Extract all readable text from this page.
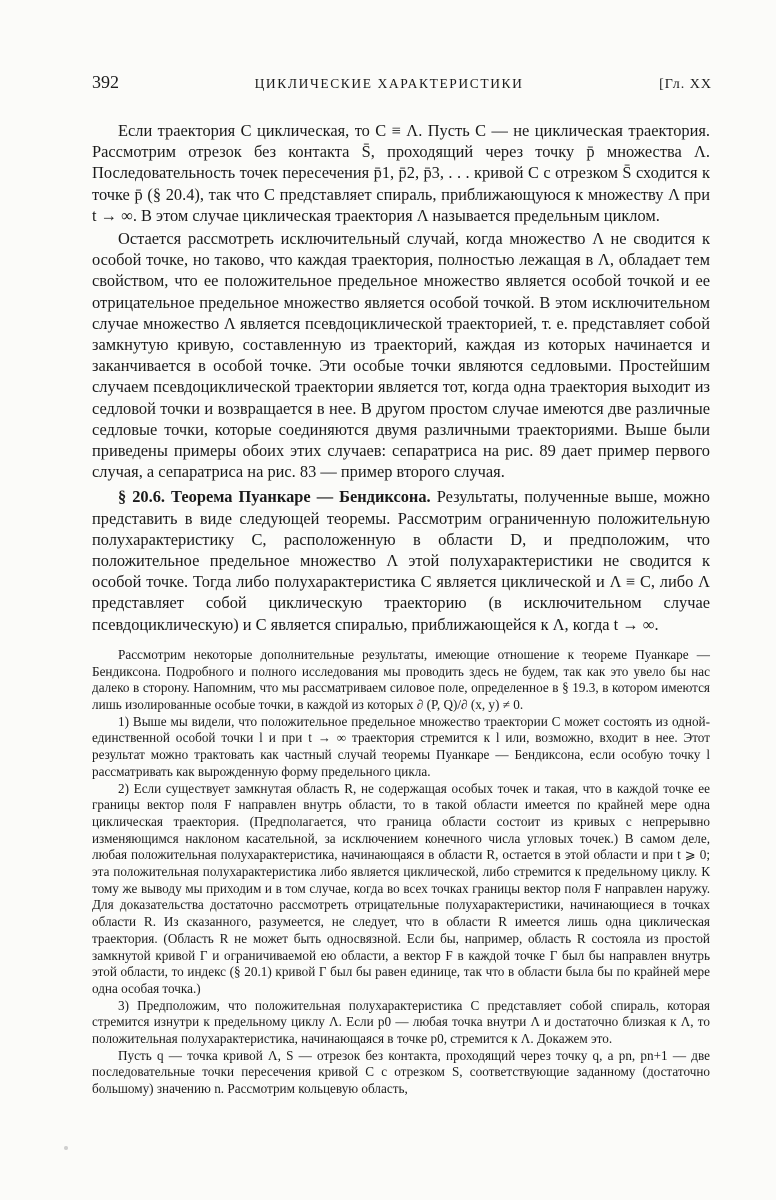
392	ЦИКЛИЧЕСКИЕ ХАРАКТЕРИСТИКИ	[Гл. XX

Если траектория C циклическая, то C ≡ Λ. Пусть C — не циклическая траектория. Рассмотрим отрезок без контакта S̄, проходящий через точку p̄ множества Λ. Последовательность точек пересечения p̄1, p̄2, p̄3, . . . кривой C с отрезком S̄ сходится к точке p̄ (§ 20.4), так что C представляет спираль, приближающуюся к множеству Λ при t → ∞. В этом случае циклическая траектория Λ называется предельным циклом.

Остается рассмотреть исключительный случай, когда множество Λ не сводится к особой точке, но таково, что каждая траектория, полностью лежащая в Λ, обладает тем свойством, что ее положительное предельное множество является особой точкой и ее отрицательное предельное множество является особой точкой. В этом исключительном случае множество Λ является псевдоциклической траекторией, т. е. представляет собой замкнутую кривую, составленную из траекторий, каждая из которых начинается и заканчивается в особой точке. Эти особые точки являются седловыми. Простейшим случаем псевдоциклической траектории является тот, когда одна траектория выходит из седловой точки и возвращается в нее. В другом простом случае имеются две различные седловые точки, которые соединяются двумя различными траекториями. Выше были приведены примеры обоих этих случаев: сепаратриса на рис. 89 дает пример первого случая, а сепаратриса на рис. 83 — пример второго случая.

§ 20.6. Теорема Пуанкаре — Бендиксона. Результаты, полученные выше, можно представить в виде следующей теоремы. Рассмотрим ограниченную положительную полухарактеристику C, расположенную в области D, и предположим, что положительное предельное множество Λ этой полухарактеристики не сводится к особой точке. Тогда либо полухарактеристика C является циклической и Λ ≡ C, либо Λ представляет собой циклическую траекторию (в исключительном случае псевдоциклическую) и C является спиралью, приближающейся к Λ, когда t → ∞.

Рассмотрим некоторые дополнительные результаты, имеющие отношение к теореме Пуанкаре — Бендиксона. Подробного и полного исследования мы проводить здесь не будем, так как это увело бы нас далеко в сторону. Напомним, что мы рассматриваем силовое поле, определенное в § 19.3, в котором имеются лишь изолированные особые точки, в каждой из которых ∂ (P, Q)/∂ (x, y) ≠ 0.

1) Выше мы видели, что положительное предельное множество траектории C может состоять из одной-единственной особой точки l и при t → ∞ траектория стремится к l или, возможно, входит в нее. Этот результат можно трактовать как частный случай теоремы Пуанкаре — Бендиксона, если особую точку l рассматривать как вырожденную форму предельного цикла.

2) Если существует замкнутая область R, не содержащая особых точек и такая, что в каждой точке ее границы вектор поля F направлен внутрь области, то в такой области имеется по крайней мере одна циклическая траектория. (Предполагается, что граница области состоит из кривых с непрерывно изменяющимся наклоном касательной, за исключением конечного числа угловых точек.) В самом деле, любая положительная полухарактеристика, начинающаяся в области R, остается в этой области и при t ⩾ 0; эта положительная полухарактеристика либо является циклической, либо стремится к предельному циклу. К тому же выводу мы приходим и в том случае, когда во всех точках границы вектор поля F направлен наружу. Для доказательства достаточно рассмотреть отрицательные полухарактеристики, начинающиеся в точках области R. Из сказанного, разумеется, не следует, что в области R имеется лишь одна циклическая траектория. (Область R не может быть односвязной. Если бы, например, область R состояла из простой замкнутой кривой Γ и ограничиваемой ею области, а вектор F в каждой точке Γ был бы направлен внутрь этой области, то индекс (§ 20.1) кривой Γ был бы равен единице, так что в области была бы по крайней мере одна особая точка.)

3) Предположим, что положительная полухарактеристика C представляет собой спираль, которая стремится изнутри к предельному циклу Λ. Если p0 — любая точка внутри Λ и достаточно близкая к Λ, то положительная полухарактеристика, начинающаяся в точке p0, стремится к Λ. Докажем это.

Пусть q — точка кривой Λ, S — отрезок без контакта, проходящий через точку q, а pn, pn+1 — две последовательные точки пересечения кривой C с отрезком S, соответствующие заданному (достаточно большому) значению n. Рассмотрим кольцевую область,
